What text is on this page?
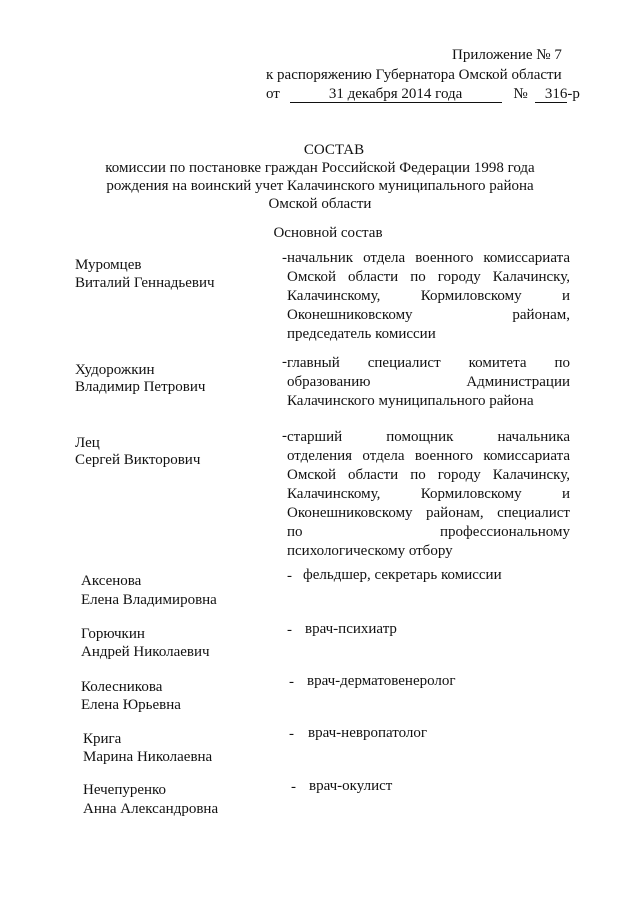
Приложение № 7
к распоряжению Губернатора Омской области
от	31 декабря 2014 года	№ 316-р
СОСТАВ
комиссии по постановке граждан Российской Федерации 1998 года
рождения на воинский учет Калачинского муниципального района
Омской области
Основной состав
Муромцев
Виталий Геннадьевич
- начальник отдела военного комиссариата
Омской области по городу Калачинску,
Калачинскому, Кормиловскому и
Оконешниковскому районам,
председатель комиссии
Худорожкин
Владимир Петрович
- главный специалист комитета по
образованию Администрации
Калачинского муниципального района
Лец
Сергей Викторович
- старший помощник начальника
отделения отдела военного комиссариата
Омской области по городу Калачинску,
Калачинскому, Кормиловскому и
Оконешниковскому районам, специалист
по профессиональному
психологическому отбору
Аксенова
Елена Владимировна
- фельдшер, секретарь комиссии
Горючкин
Андрей Николаевич
- врач-психиатр
Колесникова
Елена Юрьевна
- врач-дерматовенеролог
Крига
Марина Николаевна
- врач-невропатолог
Нечепуренко
Анна Александровна
- врач-окулист
